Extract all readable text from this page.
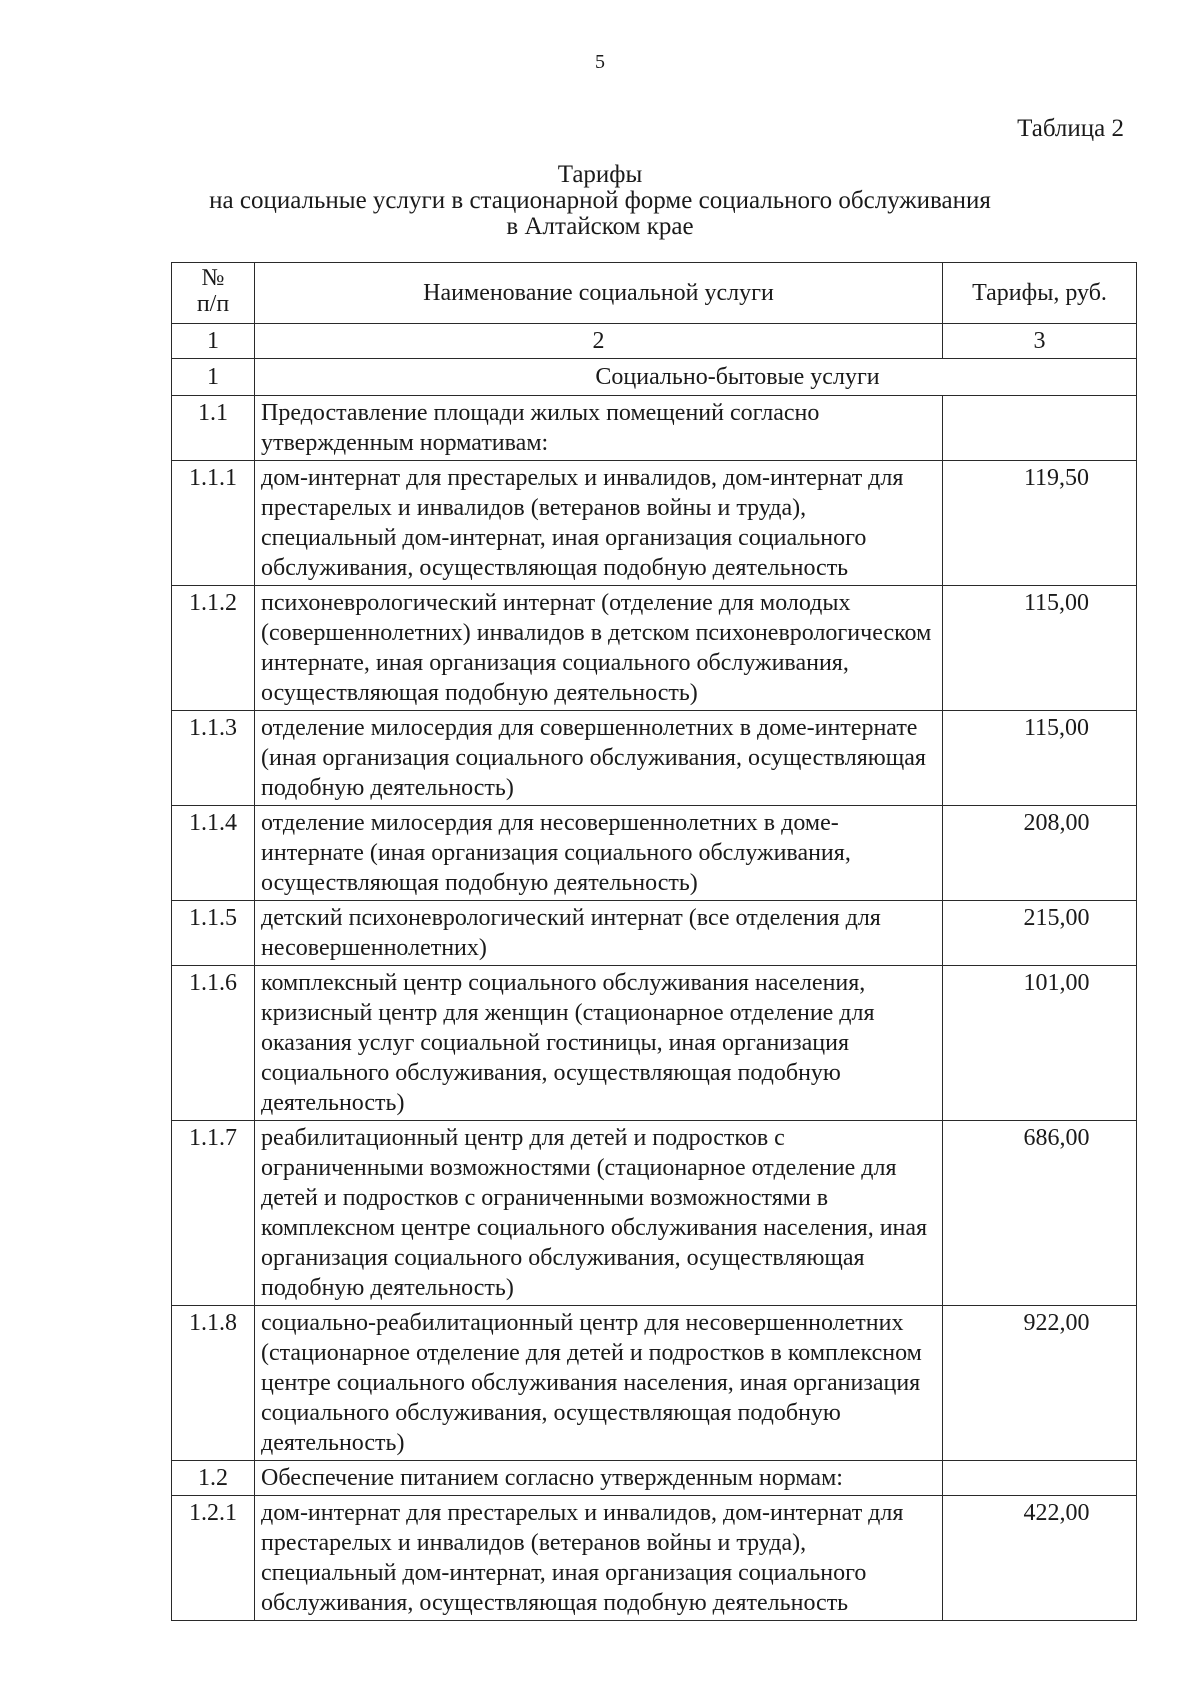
5
Таблица 2
Тарифы
на социальные услуги в стационарной форме социального обслуживания
в Алтайском крае
№
п/п	Наименование социальной услуги	Тарифы, руб.
1	2	3
1	Социально-бытовые услуги	
1.1	Предоставление площади жилых помещений согласно утвержденным нормативам:	
1.1.1	дом-интернат для престарелых и инвалидов, дом-интернат для престарелых и инвалидов (ветеранов войны и труда), специальный дом-интернат, иная организация социального обслуживания, осуществляющая подобную деятельность	119,50
1.1.2	психоневрологический интернат (отделение для молодых (совершеннолетних) инвалидов в детском психоневрологическом интернате, иная организация социального обслуживания, осуществляющая подобную деятельность)	115,00
1.1.3	отделение милосердия для совершеннолетних в доме-интернате (иная организация социального обслуживания, осуществляющая подобную деятельность)	115,00
1.1.4	отделение милосердия для несовершеннолетних в доме-интернате (иная организация социального обслуживания, осуществляющая подобную деятельность)	208,00
1.1.5	детский психоневрологический интернат (все отделения для несовершеннолетних)	215,00
1.1.6	комплексный центр социального обслуживания населения, кризисный центр для женщин (стационарное отделение для оказания услуг социальной гостиницы, иная организация социального обслуживания, осуществляющая подобную деятельность)	101,00
1.1.7	реабилитационный центр для детей и подростков с ограниченными возможностями (стационарное отделение для детей и подростков с ограниченными возможностями в комплексном центре социального обслуживания населения, иная организация социального обслуживания, осуществляющая подобную деятельность)	686,00
1.1.8	социально-реабилитационный центр для несовершеннолетних (стационарное отделение для детей и подростков в комплексном центре социального обслуживания населения, иная организация социального обслуживания, осуществляющая подобную деятельность)	922,00
1.2	Обеспечение питанием согласно утвержденным нормам:	
1.2.1	дом-интернат для престарелых и инвалидов, дом-интернат для престарелых и инвалидов (ветеранов войны и труда), специальный дом-интернат, иная организация социального обслуживания, осуществляющая подобную деятельность	422,00
